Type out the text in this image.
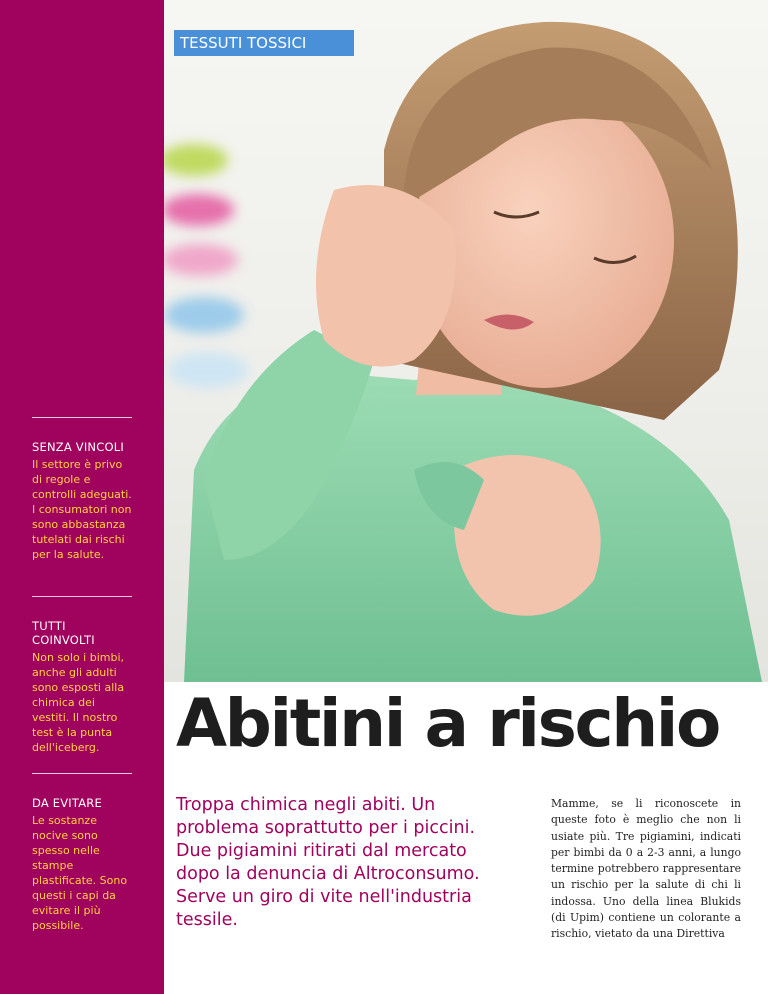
SENZA VINCOLI
Il settore è privo di regole e controlli adeguati. I consumatori non sono abbastanza tutelati dai rischi per la salute.
TUTTI COINVOLTI
Non solo i bimbi, anche gli adulti sono esposti alla chimica dei vestiti. Il nostro test è la punta dell'iceberg.
DA EVITARE
Le sostanze nocive sono spesso nelle stampe plastificate. Sono questi i capi da evitare il più possibile.
TESSUTI TOSSICI
Abitini a rischio
Troppa chimica negli abiti. Un problema soprattutto per i piccini. Due pigiamini ritirati dal mercato dopo la denuncia di Altroconsumo. Serve un giro di vite nell'industria tessile.
Mamme, se li riconoscete in queste foto è meglio che non li usiate più. Tre pigiamini, indicati per bimbi da 0 a 2-3 anni, a lungo termine potrebbero rappresentare un rischio per la salute di chi li indossa. Uno della linea Blukids (di Upim) contiene un colorante a rischio, vietato da una Direttiva
